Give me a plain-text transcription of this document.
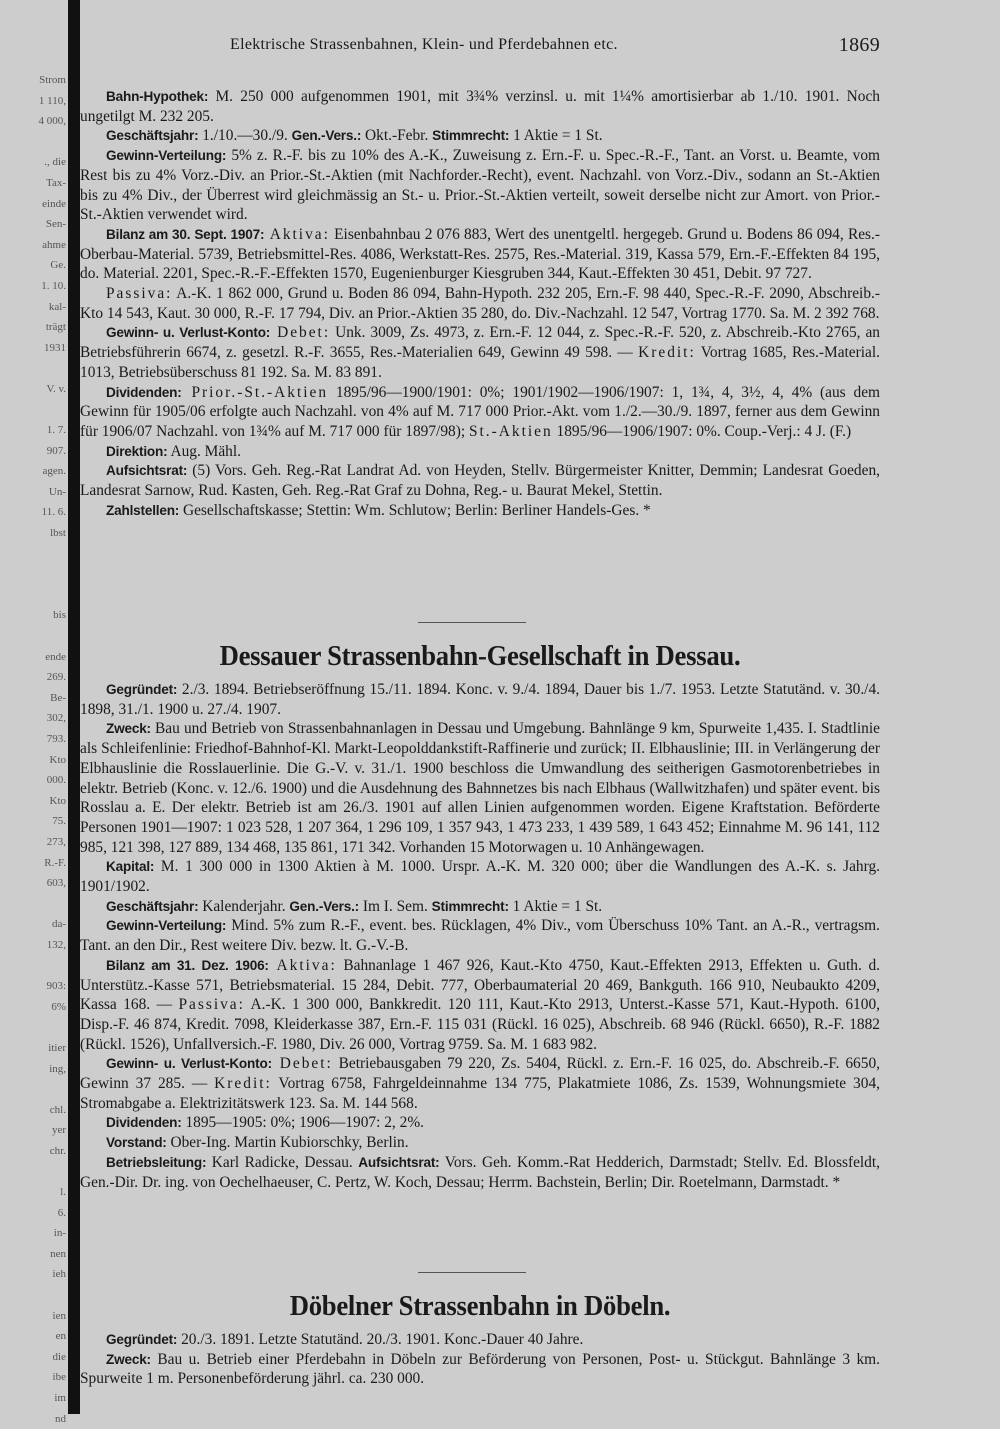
Strom
1 110,
4 000,
., die
Tax-
einde
Sen-
ahme
Ge.
1. 10.
kal-
trägt
1931
V. v.
1. 7.
907.
agen.
Un-
11. 6.
lbst
bis
ende
269.
Be-
302,
793.
Kto
000.
Kto
75.
273,
R.-F.
603,
da-
132,
903:
6%
itier
ing,
chl.
yer
chr.
l.
6.
in-
nen
ieh
ien
en
die
ibe
im
nd
Elektrische Strassenbahnen, Klein- und Pferdebahnen etc.	1869

Bahn-Hypothek: M. 250 000 aufgenommen 1901, mit 3¾% verzinsl. u. mit 1¼% amortisierbar ab 1./10. 1901. Noch ungetilgt M. 232 205.

Geschäftsjahr: 1./10.—30./9. Gen.-Vers.: Okt.-Febr. Stimmrecht: 1 Aktie = 1 St.

Gewinn-Verteilung: 5% z. R.-F. bis zu 10% des A.-K., Zuweisung z. Ern.-F. u. Spec.-R.-F., Tant. an Vorst. u. Beamte, vom Rest bis zu 4% Vorz.-Div. an Prior.-St.-Aktien (mit Nachforder.-Recht), event. Nachzahl. von Vorz.-Div., sodann an St.-Aktien bis zu 4% Div., der Überrest wird gleichmässig an St.- u. Prior.-St.-Aktien verteilt, soweit derselbe nicht zur Amort. von Prior.-St.-Aktien verwendet wird.

Bilanz am 30. Sept. 1907: Aktiva: Eisenbahnbau 2 076 883, Wert des unentgeltl. hergegeb. Grund u. Bodens 86 094, Res.-Oberbau-Material. 5739, Betriebsmittel-Res. 4086, Werkstatt-Res. 2575, Res.-Material. 319, Kassa 579, Ern.-F.-Effekten 84 195, do. Material. 2201, Spec.-R.-F.-Effekten 1570, Eugenienburger Kiesgruben 344, Kaut.-Effekten 30 451, Debit. 97 727.

Passiva: A.-K. 1 862 000, Grund u. Boden 86 094, Bahn-Hypoth. 232 205, Ern.-F. 98 440, Spec.-R.-F. 2090, Abschreib.-Kto 14 543, Kaut. 30 000, R.-F. 17 794, Div. an Prior.-Aktien 35 280, do. Div.-Nachzahl. 12 547, Vortrag 1770. Sa. M. 2 392 768.

Gewinn- u. Verlust-Konto: Debet: Unk. 3009, Zs. 4973, z. Ern.-F. 12 044, z. Spec.-R.-F. 520, z. Abschreib.-Kto 2765, an Betriebsführerin 6674, z. gesetzl. R.-F. 3655, Res.-Materialien 649, Gewinn 49 598. — Kredit: Vortrag 1685, Res.-Material. 1013, Betriebsüberschuss 81 192. Sa. M. 83 891.

Dividenden: Prior.-St.-Aktien 1895/96—1900/1901: 0%; 1901/1902—1906/1907: 1, 1¾, 4, 3½, 4, 4% (aus dem Gewinn für 1905/06 erfolgte auch Nachzahl. von 4% auf M. 717 000 Prior.-Akt. vom 1./2.—30./9. 1897, ferner aus dem Gewinn für 1906/07 Nachzahl. von 1¾% auf M. 717 000 für 1897/98); St.-Aktien 1895/96—1906/1907: 0%. Coup.-Verj.: 4 J. (F.)

Direktion: Aug. Mähl.

Aufsichtsrat: (5) Vors. Geh. Reg.-Rat Landrat Ad. von Heyden, Stellv. Bürgermeister Knitter, Demmin; Landesrat Goeden, Landesrat Sarnow, Rud. Kasten, Geh. Reg.-Rat Graf zu Dohna, Reg.- u. Baurat Mekel, Stettin.

Zahlstellen: Gesellschaftskasse; Stettin: Wm. Schlutow; Berlin: Berliner Handels-Ges. *

Dessauer Strassenbahn-Gesellschaft in Dessau.

Gegründet: 2./3. 1894. Betriebseröffnung 15./11. 1894. Konc. v. 9./4. 1894, Dauer bis 1./7. 1953. Letzte Statutänd. v. 30./4. 1898, 31./1. 1900 u. 27./4. 1907.

Zweck: Bau und Betrieb von Strassenbahnanlagen in Dessau und Umgebung. Bahnlänge 9 km, Spurweite 1,435. I. Stadtlinie als Schleifenlinie: Friedhof-Bahnhof-Kl. Markt-Leopolddankstift-Raffinerie und zurück; II. Elbhauslinie; III. in Verlängerung der Elbhauslinie die Rosslauerlinie. Die G.-V. v. 31./1. 1900 beschloss die Umwandlung des seitherigen Gasmotorenbetriebes in elektr. Betrieb (Konc. v. 12./6. 1900) und die Ausdehnung des Bahnnetzes bis nach Elbhaus (Wallwitzhafen) und später event. bis Rosslau a. E. Der elektr. Betrieb ist am 26./3. 1901 auf allen Linien aufgenommen worden. Eigene Kraftstation. Beförderte Personen 1901—1907: 1 023 528, 1 207 364, 1 296 109, 1 357 943, 1 473 233, 1 439 589, 1 643 452; Einnahme M. 96 141, 112 985, 121 398, 127 889, 134 468, 135 861, 171 342. Vorhanden 15 Motorwagen u. 10 Anhängewagen.

Kapital: M. 1 300 000 in 1300 Aktien à M. 1000. Urspr. A.-K. M. 320 000; über die Wandlungen des A.-K. s. Jahrg. 1901/1902.

Geschäftsjahr: Kalenderjahr. Gen.-Vers.: Im I. Sem. Stimmrecht: 1 Aktie = 1 St.

Gewinn-Verteilung: Mind. 5% zum R.-F., event. bes. Rücklagen, 4% Div., vom Überschuss 10% Tant. an A.-R., vertragsm. Tant. an den Dir., Rest weitere Div. bezw. lt. G.-V.-B.

Bilanz am 31. Dez. 1906: Aktiva: Bahnanlage 1 467 926, Kaut.-Kto 4750, Kaut.-Effekten 2913, Effekten u. Guth. d. Unterstütz.-Kasse 571, Betriebsmaterial. 15 284, Debit. 777, Oberbaumaterial 20 469, Bankguth. 166 910, Neubaukto 4209, Kassa 168. — Passiva: A.-K. 1 300 000, Bankkredit. 120 111, Kaut.-Kto 2913, Unterst.-Kasse 571, Kaut.-Hypoth. 6100, Disp.-F. 46 874, Kredit. 7098, Kleiderkasse 387, Ern.-F. 115 031 (Rückl. 16 025), Abschreib. 68 946 (Rückl. 6650), R.-F. 1882 (Rückl. 1526), Unfallversich.-F. 1980, Div. 26 000, Vortrag 9759. Sa. M. 1 683 982.

Gewinn- u. Verlust-Konto: Debet: Betriebausgaben 79 220, Zs. 5404, Rückl. z. Ern.-F. 16 025, do. Abschreib.-F. 6650, Gewinn 37 285. — Kredit: Vortrag 6758, Fahrgeldeinnahme 134 775, Plakatmiete 1086, Zs. 1539, Wohnungsmiete 304, Stromabgabe a. Elektrizitätswerk 123. Sa. M. 144 568.

Dividenden: 1895—1905: 0%; 1906—1907: 2, 2%.

Vorstand: Ober-Ing. Martin Kubiorschky, Berlin.

Betriebsleitung: Karl Radicke, Dessau. Aufsichtsrat: Vors. Geh. Komm.-Rat Hedderich, Darmstadt; Stellv. Ed. Blossfeldt, Gen.-Dir. Dr. ing. von Oechelhaeuser, C. Pertz, W. Koch, Dessau; Herrm. Bachstein, Berlin; Dir. Roetelmann, Darmstadt. *

Döbelner Strassenbahn in Döbeln.

Gegründet: 20./3. 1891. Letzte Statutänd. 20./3. 1901. Konc.-Dauer 40 Jahre.

Zweck: Bau u. Betrieb einer Pferdebahn in Döbeln zur Beförderung von Personen, Post- u. Stückgut. Bahnlänge 3 km. Spurweite 1 m. Personenbeförderung jährl. ca. 230 000.
